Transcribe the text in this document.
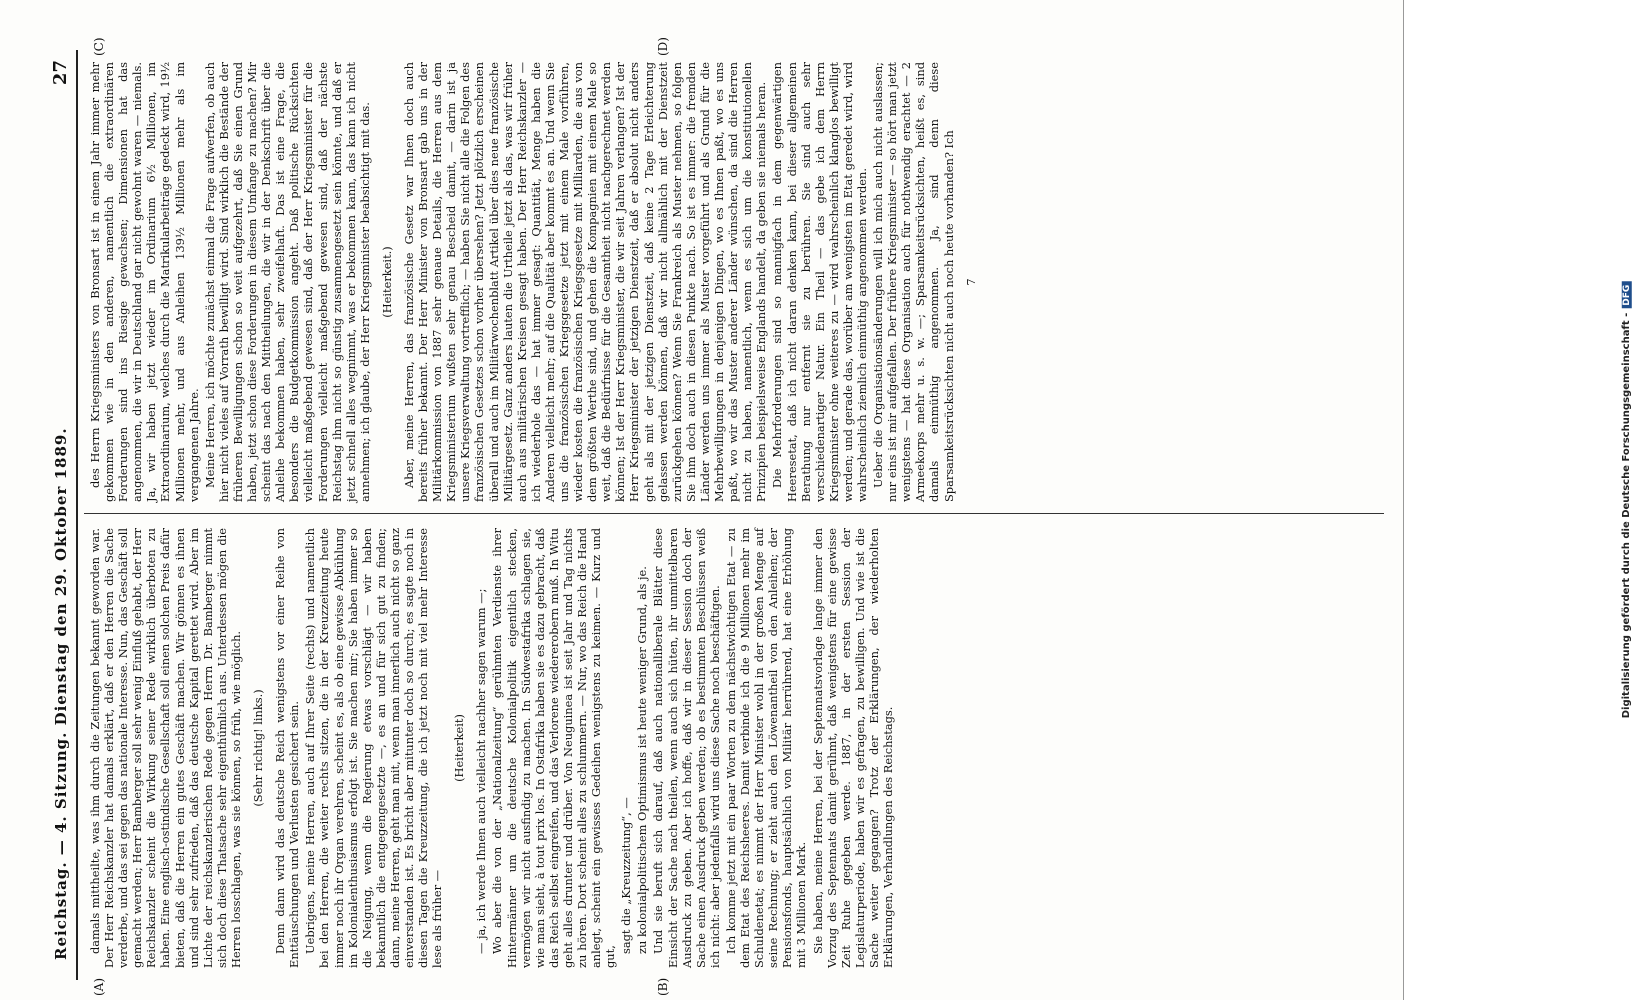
Reichstag. — 4. Sitzung. Dienstag den 29. Oktober 1889.
27
(A)	(B)
(C)	(D)

damals mittheilte, was ihm durch die Zeitungen bekannt geworden war. Der Herr Reichskanzler hat damals erklärt, daß er den Herren die Sache verderbe, und das sei gegen das nationale Interesse. Nun, das Geschäft soll gemacht werden; Herr Bamberger soll sehr wenig Einfluß gehabt, der Herr Reichskanzler scheint die Wirkung seiner Rede wirklich überboten zu haben. Eine englisch-ostindische Gesellschaft soll einen solchen Preis dafür bieten, daß die Herren ein gutes Geschäft machen. Wir gönnen es ihnen und sind sehr zufrieden, daß das deutsche Kapital gerettet wird. Aber im Lichte der reichskanzlerischen Rede gegen Herrn Dr. Bamberger nimmt sich doch diese Thatsache sehr eigenthümlich aus. Unterdessen mögen die Herren losschlagen, was sie können, so früh, wie möglich. (Sehr richtig! links.) Denn dann wird das deutsche Reich wenigstens vor einer Reihe von Enttäuschungen und Verlusten gesichert sein. Uebrigens, meine Herren, auch auf Ihrer Seite (rechts) und namentlich bei den Herren, die weiter rechts sitzen, die in der Kreuzzeitung heute immer noch ihr Organ verehren, scheint es, als ob eine gewisse Abkühlung im Kolonialenthusiasmus erfolgt ist. Sie machen mir; Sie haben immer so die Neigung, wenn die Regierung etwas vorschlägt — wir haben bekanntlich die entgegengesetzte —, es an und für sich gut zu finden; dann, meine Herren, geht man mit, wenn man innerlich auch nicht so ganz einverstanden ist. Es bricht aber mitunter doch so durch; es sagte noch in diesen Tagen die Kreuzzeitung, die ich jetzt noch mit viel mehr Interesse lese als früher —

(Heiterkeit) — ja, ich werde Ihnen auch vielleicht nachher sagen warum —; Wo aber die von der „Nationalzeitung“ gerühmten Verdienste ihrer Hintermänner um die deutsche Kolonialpolitik eigentlich stecken, vermögen wir nicht ausfindig zu machen. In Südwestafrika schlagen sie, wie man sieht, à tout prix los. In Ostafrika haben sie es dazu gebracht, daß das Reich selbst eingreifen, und das Verlorene wiedererobern muß. In Witu geht alles drunter und drüber. Von Neuguinea ist seit Jahr und Tag nichts zu hören. Dort scheint alles zu schlummern. — Nur, wo das Reich die Hand anlegt, scheint ein gewisses Gedeihen wenigstens zu keimen. — Kurz und gut,

sagt die „Kreuzzeitung“, — zu kolonialpolitischem Optimismus ist heute weniger Grund, als je. Und sie beruft sich darauf, daß auch nationalliberale Blätter diese Einsicht der Sache nach theilen, wenn auch sich hüten, ihr unmittelbaren Ausdruck zu geben. Aber ich hoffe, daß wir in dieser Session doch der Sache einen Ausdruck geben werden; ob es bestimmten Beschlüssen weiß ich nicht: aber jedenfalls wird uns diese Sache noch beschäftigen. Ich komme jetzt mit ein paar Worten zu dem nächstwichtigen Etat — zu dem Etat des Reichsheeres. Damit verbinde ich die 9 Millionen mehr im Schuldenetat; es nimmt der Herr Minister wohl in der großen Menge auf seine Rechnung; er zieht auch den Löwenantheil von den Anleihen; der Pensionsfonds, hauptsächlich von Militär herrührend, hat eine Erhöhung mit 3 Millionen Mark. Sie haben, meine Herren, bei der Septennatsvorlage lange immer den Vorzug des Septennats damit gerühmt, daß wenigstens für eine gewisse Zeit Ruhe gegeben werde. 1887, in der ersten Session der Legislaturperiode, haben wir es gefragen, zu bewilligen. Und wie ist die Sache weiter gegangen? Trotz der Erklärungen, der wiederholten Erklärungen, Verhandlungen des Reichstags.

des Herrn Kriegsministers von Bronsart ist in einem Jahr immer mehr gekommen wie in den anderen, namentlich die extraordinären Forderungen sind ins Riesige gewachsen; Dimensionen hat das angenommen, die wir in Deutschland gar nicht gewohnt waren — niemals. Ja, wir haben jetzt wieder im Ordinarium 6½ Millionen, im Extraordinarium, welches durch die Matrikularbeiträge gedeckt wird, 19½ Millionen mehr, und aus Anleihen 139½ Millionen mehr als im vergangenen Jahre. Meine Herren, ich möchte zunächst einmal die Frage aufwerfen, ob auch hier nicht vieles auf Vorrath bewilligt wird. Sind wirklich die Bestände der früheren Bewilligungen schon so weit aufgezehrt, daß Sie einen Grund haben, jetzt schon diese Forderungen in diesem Umfange zu machen? Mir scheint das nach den Mittheilungen, die wir in der Denkschrift über die Anleihe bekommen haben, sehr zweifelhaft. Das ist eine Frage, die besonders die Budgetkommission angeht. Daß politische Rücksichten vielleicht maßgebend gewesen sind, daß der Herr Kriegsminister für die Forderungen vielleicht maßgebend gewesen sind, daß der nächste Reichstag ihm nicht so günstig zusammengesetzt sein könnte, und daß er jetzt schnell alles wegnimmt, was er bekommen kann, das kann ich nicht annehmen; ich glaube, der Herr Kriegsminister beabsichtigt mit das. (Heiterkeit.) Aber, meine Herren, das französische Gesetz war Ihnen doch auch bereits früher bekannt. Der Herr Minister von Bronsart gab uns in der Militärkommission von 1887 sehr genaue Details, die Herren aus dem Kriegsministerium wußten sehr genau Bescheid damit, — darin ist ja unsere Kriegsverwaltung vortrefflich; — haben Sie nicht alle die Folgen des französischen Gesetzes schon vorher übersehen? Jetzt plötzlich erscheinen überall und auch im Militärwochenblatt Artikel über dies neue französische Militärgesetz. Ganz anders lauten die Urtheile jetzt als das, was wir früher auch aus militärischen Kreisen gesagt haben. Der Herr Reichskanzler — ich wiederhole das — hat immer gesagt: Quantität, Menge haben die Anderen vielleicht mehr; auf die Qualität aber kommt es an. Und wenn Sie uns die französischen Kriegsgesetze jetzt mit einem Male vorführen, wieder kosten die französischen Kriegsgesetze mit Milliarden, die aus von dem größten Werthe sind, und gehen die Kompagnien mit einem Male so weit, daß die Bedürfnisse für die Gesamtheit nicht nachgerechnet werden können; Ist der Herr Kriegsminister, die wir seit Jahren verlangen? Ist der Herr Kriegsminister der jetzigen Dienstzeit, daß er absolut nicht anders geht als mit der jetzigen Dienstzeit, daß keine 2 Tage Erleichterung gelassen werden können, daß wir nicht allmählich mit der Dienstzeit zurückgehen können? Wenn Sie Frankreich als Muster nehmen, so folgen Sie ihm doch auch in diesen Punkte nach. So ist es immer: die fremden Länder werden uns immer als Muster vorgeführt und als Grund für die Mehrbewilligungen in denjenigen Dingen, wo es Ihnen paßt, wo es uns paßt, wo wir das Muster anderer Länder wünschen, da sind die Herren nicht zu haben, namentlich, wenn es sich um die konstitutionellen Prinzipien beispielsweise Englands handelt, da geben sie niemals heran. Die Mehrforderungen sind so mannigfach in dem gegenwärtigen Heeresetat, daß ich nicht daran denken kann, bei dieser allgemeinen Berathung nur entfernt sie zu berühren. Sie sind auch sehr verschiedenartiger Natur. Ein Theil — das gebe ich dem Herrn Kriegsminister ohne weiteres zu — wird wahrscheinlich klanglos bewilligt werden; und gerade das, worüber am wenigsten im Etat geredet wird, wird wahrscheinlich ziemlich einmüthig angenommen werden. Ueber die Organisationsänderungen will ich mich auch nicht auslassen; nur eins ist mir aufgefallen. Der frühere Kriegsminister — so hört man jetzt wenigstens — hat diese Organisation auch für nothwendig erachtet — 2 Armeekorps mehr u. s. w. —; Sparsamkeitsrücksichten, heißt es, sind damals einmüthig angenommen. Ja, sind denn diese Sparsamkeitsrücksichten nicht auch noch heute vorhanden? Ich 7

Digitalisierung gefördert durch die Deutsche Forschungsgemeinschaft -DFG
